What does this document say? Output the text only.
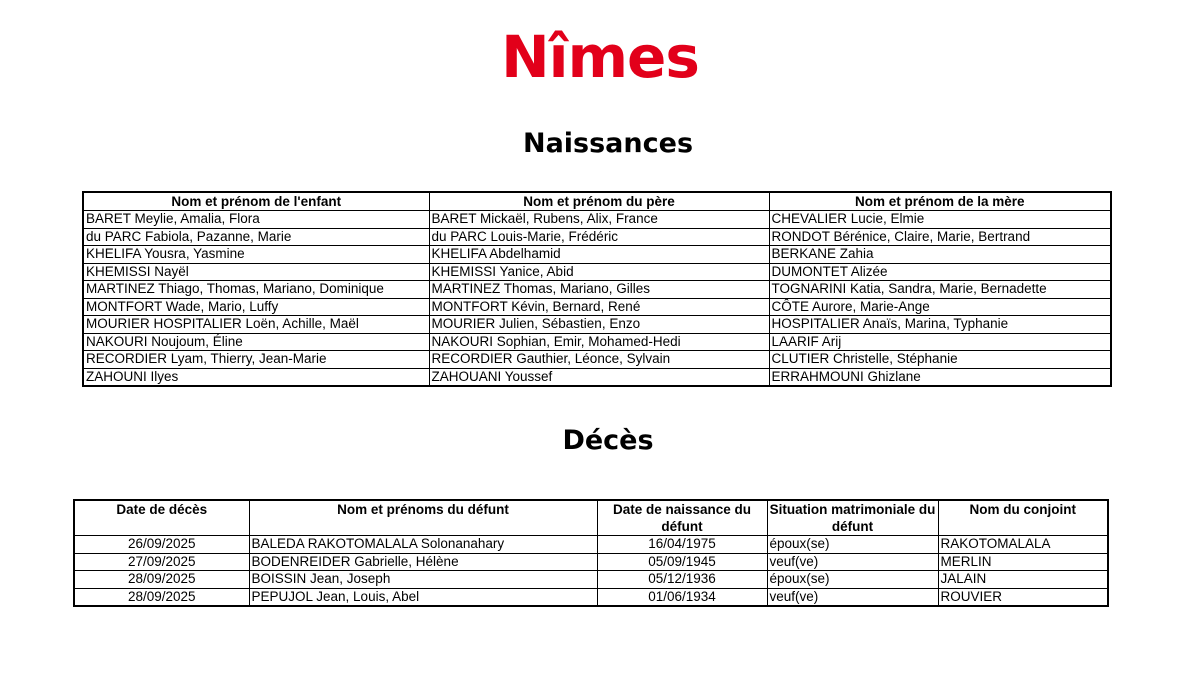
Nîmes
Naissances
Nom et prénom de l'enfant	Nom et prénom du père	Nom et prénom de la mère
BARET Meylie, Amalia, Flora	BARET Mickaël, Rubens, Alix, France	CHEVALIER Lucie, Elmie
du PARC Fabiola, Pazanne, Marie	du PARC Louis-Marie, Frédéric	RONDOT Bérénice, Claire, Marie, Bertrand
KHELIFA Yousra, Yasmine	KHELIFA Abdelhamid	BERKANE Zahia
KHEMISSI Nayël	KHEMISSI Yanice, Abid	DUMONTET Alizée
MARTINEZ Thiago, Thomas, Mariano, Dominique	MARTINEZ Thomas, Mariano, Gilles	TOGNARINI Katia, Sandra, Marie, Bernadette
MONTFORT Wade, Mario, Luffy	MONTFORT Kévin, Bernard, René	CÔTE Aurore, Marie-Ange
MOURIER HOSPITALIER Loën, Achille, Maël	MOURIER Julien, Sébastien, Enzo	HOSPITALIER Anaïs, Marina, Typhanie
NAKOURI Noujoum, Éline	NAKOURI Sophian, Emir, Mohamed-Hedi	LAARIF Arij
RECORDIER Lyam, Thierry, Jean-Marie	RECORDIER Gauthier, Léonce, Sylvain	CLUTIER Christelle, Stéphanie
ZAHOUNI Ilyes	ZAHOUANI Youssef	ERRAHMOUNI Ghizlane
Décès
Date de décès	Nom et prénoms du défunt	Date de naissance du défunt	Situation matrimoniale du défunt	Nom du conjoint
26/09/2025	BALEDA RAKOTOMALALA Solonanahary	16/04/1975	époux(se)	RAKOTOMALALA
27/09/2025	BODENREIDER Gabrielle, Hélène	05/09/1945	veuf(ve)	MERLIN
28/09/2025	BOISSIN Jean, Joseph	05/12/1936	époux(se)	JALAIN
28/09/2025	PEPUJOL Jean, Louis, Abel	01/06/1934	veuf(ve)	ROUVIER
